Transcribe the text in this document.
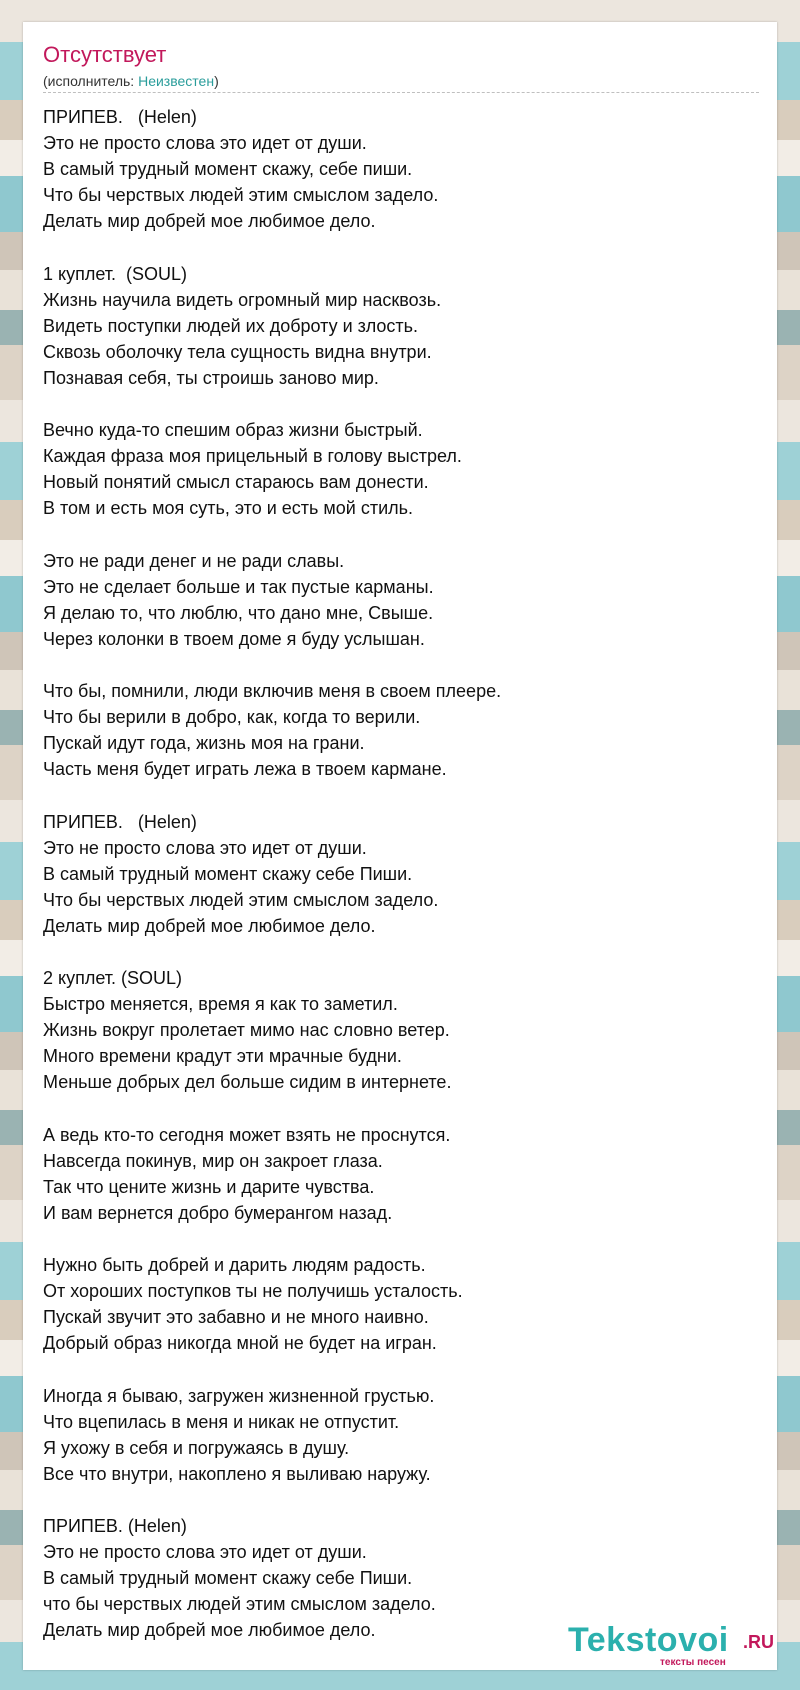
Отсутствует
(исполнитель: Неизвестен)
ПРИПЕВ.   (Helen)
Это не просто слова это идет от души.
В самый трудный момент скажу, себе пиши.
Что бы черствых людей этим смыслом задело.
Делать мир добрей мое любимое дело.

1 куплет.  (SOUL)
Жизнь научила видеть огромный мир насквозь.
Видеть поступки людей их доброту и злость.
Сквозь оболочку тела сущность видна внутри.
Познавая себя, ты строишь заново мир.

Вечно куда-то спешим образ жизни быстрый.
Каждая фраза моя прицельный в голову выстрел.
Новый понятий смысл стараюсь вам донести.
В том и есть моя суть, это и есть мой стиль.

Это не ради денег и не ради славы.
Это не сделает больше и так пустые карманы.
Я делаю то, что люблю, что дано мне, Свыше.
Через колонки в твоем доме я буду услышан.

Что бы, помнили, люди включив меня в своем плеере.
Что бы верили в добро, как, когда то верили.
Пускай идут года, жизнь моя на грани.
Часть меня будет играть лежа в твоем кармане.

ПРИПЕВ.   (Helen)
Это не просто слова это идет от души.
В самый трудный момент скажу себе Пиши.
Что бы черствых людей этим смыслом задело.
Делать мир добрей мое любимое дело.

2 куплет. (SOUL)
Быстро меняется, время я как то заметил.
Жизнь вокруг пролетает мимо нас словно ветер.
Много времени крадут эти мрачные будни.
Меньше добрых дел больше сидим в интернете.

А ведь кто-то сегодня может взять не проснутся.
Навсегда покинув, мир он закроет глаза.
Так что цените жизнь и дарите чувства.
И вам вернется добро бумерангом назад.

Нужно быть добрей и дарить людям радость.
От хороших поступков ты не получишь усталость.
Пускай звучит это забавно и не много наивно.
Добрый образ никогда мной не будет на игран.

Иногда я бываю, загружен жизненной грустью.
Что вцепилась в меня и никак не отпустит.
Я ухожу в себя и погружаясь в душу.
Все что внутри, накоплено я выливаю наружу.

ПРИПЕВ. (Helen)
Это не просто слова это идет от души.
В самый трудный момент скажу себе Пиши.
что бы черствых людей этим смыслом задело.
Делать мир добрей мое любимое дело.	Tekstovoi .RU
тексты песен
